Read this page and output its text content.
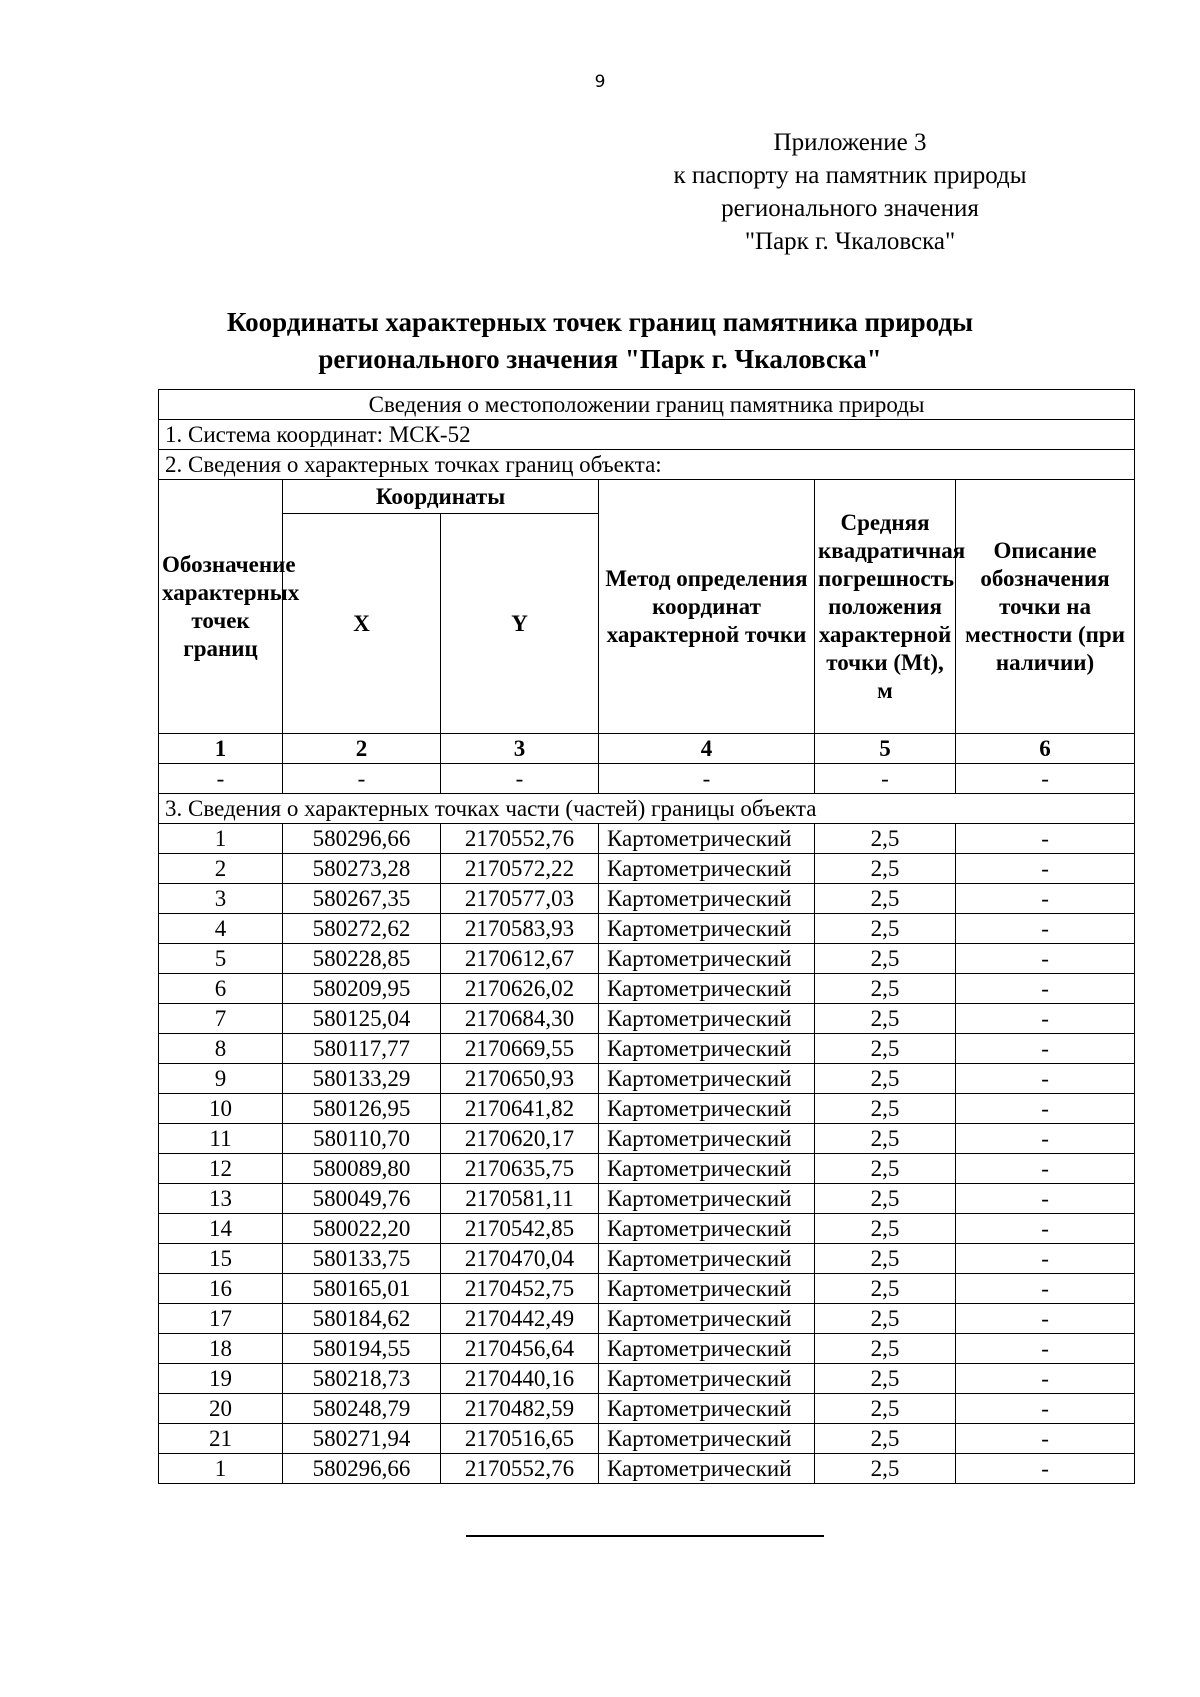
9
Приложение 3
к паспорту на памятник природы
регионального значения
"Парк г. Чкаловска"
Координаты характерных точек границ памятника природы
регионального значения "Парк г. Чкаловска"
Сведения о местоположении границ памятника природы					
1. Система координат: МСК-52					
2. Сведения о характерных точках границ объекта:					
Обозначение характерных точек границ	Координаты		Метод определения координат характерной точки	Средняя квадратичная погрешность положения характерной точки (Mt), м	Описание обозначения точки на местности (при наличии)
	X	Y			
1	2	3	4	5	6
-	-	-	-	-	-
3. Сведения о характерных точках части (частей) границы объекта					
1	580296,66	2170552,76	Картометрический	2,5	-
2	580273,28	2170572,22	Картометрический	2,5	-
3	580267,35	2170577,03	Картометрический	2,5	-
4	580272,62	2170583,93	Картометрический	2,5	-
5	580228,85	2170612,67	Картометрический	2,5	-
6	580209,95	2170626,02	Картометрический	2,5	-
7	580125,04	2170684,30	Картометрический	2,5	-
8	580117,77	2170669,55	Картометрический	2,5	-
9	580133,29	2170650,93	Картометрический	2,5	-
10	580126,95	2170641,82	Картометрический	2,5	-
11	580110,70	2170620,17	Картометрический	2,5	-
12	580089,80	2170635,75	Картометрический	2,5	-
13	580049,76	2170581,11	Картометрический	2,5	-
14	580022,20	2170542,85	Картометрический	2,5	-
15	580133,75	2170470,04	Картометрический	2,5	-
16	580165,01	2170452,75	Картометрический	2,5	-
17	580184,62	2170442,49	Картометрический	2,5	-
18	580194,55	2170456,64	Картометрический	2,5	-
19	580218,73	2170440,16	Картометрический	2,5	-
20	580248,79	2170482,59	Картометрический	2,5	-
21	580271,94	2170516,65	Картометрический	2,5	-
1	580296,66	2170552,76	Картометрический	2,5	-
